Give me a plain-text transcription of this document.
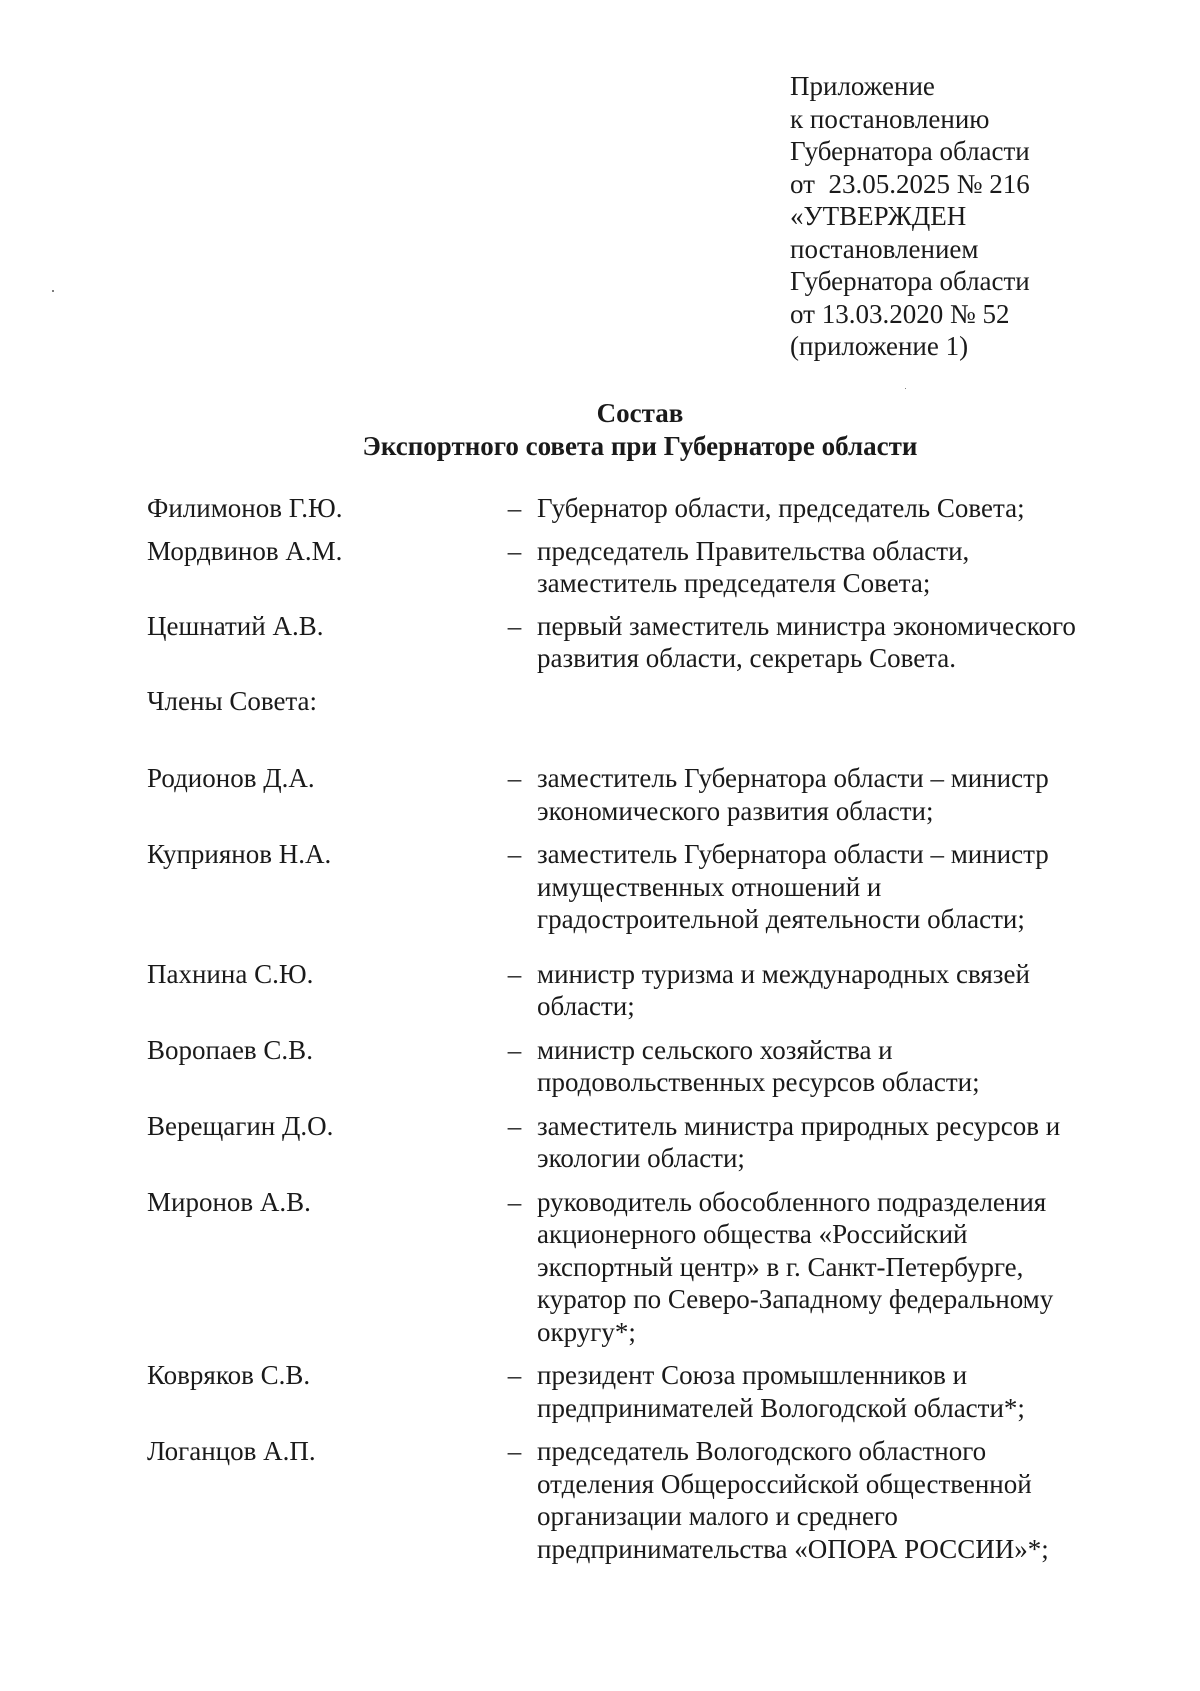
Приложение
к постановлению
Губернатора области
от  23.05.2025 № 216
«УТВЕРЖДЕН
постановлением
Губернатора области
от 13.03.2020 № 52
(приложение 1)
Состав
Экспортного совета при Губернаторе области
Филимонов Г.Ю.	– Губернатор области, председатель Совета;
Мордвинов А.М.	– председатель Правительства области,
заместитель председателя Совета;
Цешнатий А.В.	– первый заместитель министра экономического
развития области, секретарь Совета.
Члены Совета:
Родионов Д.А.	– заместитель Губернатора области – министр
экономического развития области;
Куприянов Н.А.	– заместитель Губернатора области – министр
имущественных отношений и
градостроительной деятельности области;
Пахнина С.Ю.	– министр туризма и международных связей
области;
Воропаев С.В.	– министр сельского хозяйства и
продовольственных ресурсов области;
Верещагин Д.О.	– заместитель министра природных ресурсов и
экологии области;
Миронов А.В.	– руководитель обособленного подразделения
акционерного общества «Российский
экспортный центр» в г. Санкт-Петербурге,
куратор по Северо-Западному федеральному
округу*;
Ковряков С.В.	– президент Союза промышленников и
предпринимателей Вологодской области*;
Логанцов А.П.	– председатель Вологодского областного
отделения Общероссийской общественной
организации малого и среднего
предпринимательства «ОПОРА РОССИИ»*;
